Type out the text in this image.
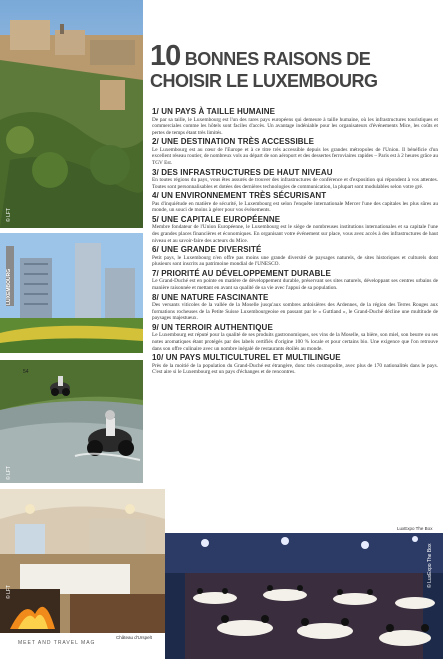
© LFT
LUXEMBOURG
© LFT
54
© LFT
Château d'Urspelt
© LuxExpo The Box
LuxExpo The Box
10 BONNES RAISONS DE
CHOISIR LE LUXEMBOURG
1/ UN PAYS À TAILLE HUMAINE

De par sa taille, le Luxembourg est l'un des rares pays européens qui demeure à taille humaine, où les infrastructures touristiques et commerciales comme les hôtels sont faciles d'accès. Un avantage indéniable pour les organisateurs d'événements Mice, les coûts et pertes de temps étant très limités.

2/ UNE DESTINATION TRÈS ACCESSIBLE

Le Luxembourg est au cœur de l'Europe et à ce titre très accessible depuis les grandes métropoles de l'Union. Il bénéficie d'un excellent réseau routier, de nombreux vols au départ de son aéroport et des dessertes ferroviaires rapides – Paris est à 2 heures grâce au TGV Est.

3/ DES INFRASTRUCTURES DE HAUT NIVEAU

En toutes régions du pays, vous êtes assurés de trouver des infrastructures de conférence et d'exposition qui répondent à vos attentes. Toutes sont personnalisables et dotées des dernières technologies de communication, la plupart sont modulables selon votre gré.

4/ UN ENVIRONNEMENT TRÈS SÉCURISANT

Pas d'inquiétude en matière de sécurité, le Luxembourg est selon l'enquête internationale Mercer l'une des capitales les plus sûres au monde, un souci de moins à gérer pour vos événements.

5/ UNE CAPITALE EUROPÉENNE

Membre fondateur de l'Union Européenne, le Luxembourg est le siège de nombreuses institutions internationales et sa capitale l'une des grandes places financières et économiques. En organisant votre événement sur place, vous avez accès à des infrastructures de haut niveau et au savoir-faire des acteurs du Mice.

6/ UNE GRANDE DIVERSITÉ

Petit pays, le Luxembourg n'en offre pas moins une grande diversité de paysages naturels, de sites historiques et culturels dont plusieurs sont inscrits au patrimoine mondial de l'UNESCO.

7/ PRIORITÉ AU DÉVELOPPEMENT DURABLE

Le Grand-Duché est en pointe en matière de développement durable, préservant ses sites naturels, développant ses centres urbains de manière raisonnée et mettant en avant sa qualité de sa vie avec l'appui de sa population.

8/ UNE NATURE FASCINANTE

Des versants viticoles de la vallée de la Moselle jusqu'aux sombres ardoisières des Ardennes, de la région des Terres Rouges aux formations rocheuses de la Petite Suisse Luxembourgeoise en passant par le « Guttland », le Grand-Duché décline une multitude de paysages majestueux.

9/ UN TERROIR AUTHENTIQUE

Le Luxembourg est réputé pour la qualité de ses produits gastronomiques, ses vins de la Moselle, sa bière, son miel, son beurre ou ses notes aromatiques étant protégés par des labels certifiés d'origine 100 % locale et pour certains bio. Une exigence que l'on retrouve dans son offre culinaire avec un nombre inégalé de restaurants étoilés au monde.

10/ UN PAYS MULTICULTUREL ET MULTILINGUE

Près de la moitié de la population du Grand-Duché est étrangère, donc très cosmopolite, avec plus de 170 nationalités dans le pays. C'est aire si le Luxembourg est un pays d'échanges et de rencontres.

MEET AND TRAVEL MAG
